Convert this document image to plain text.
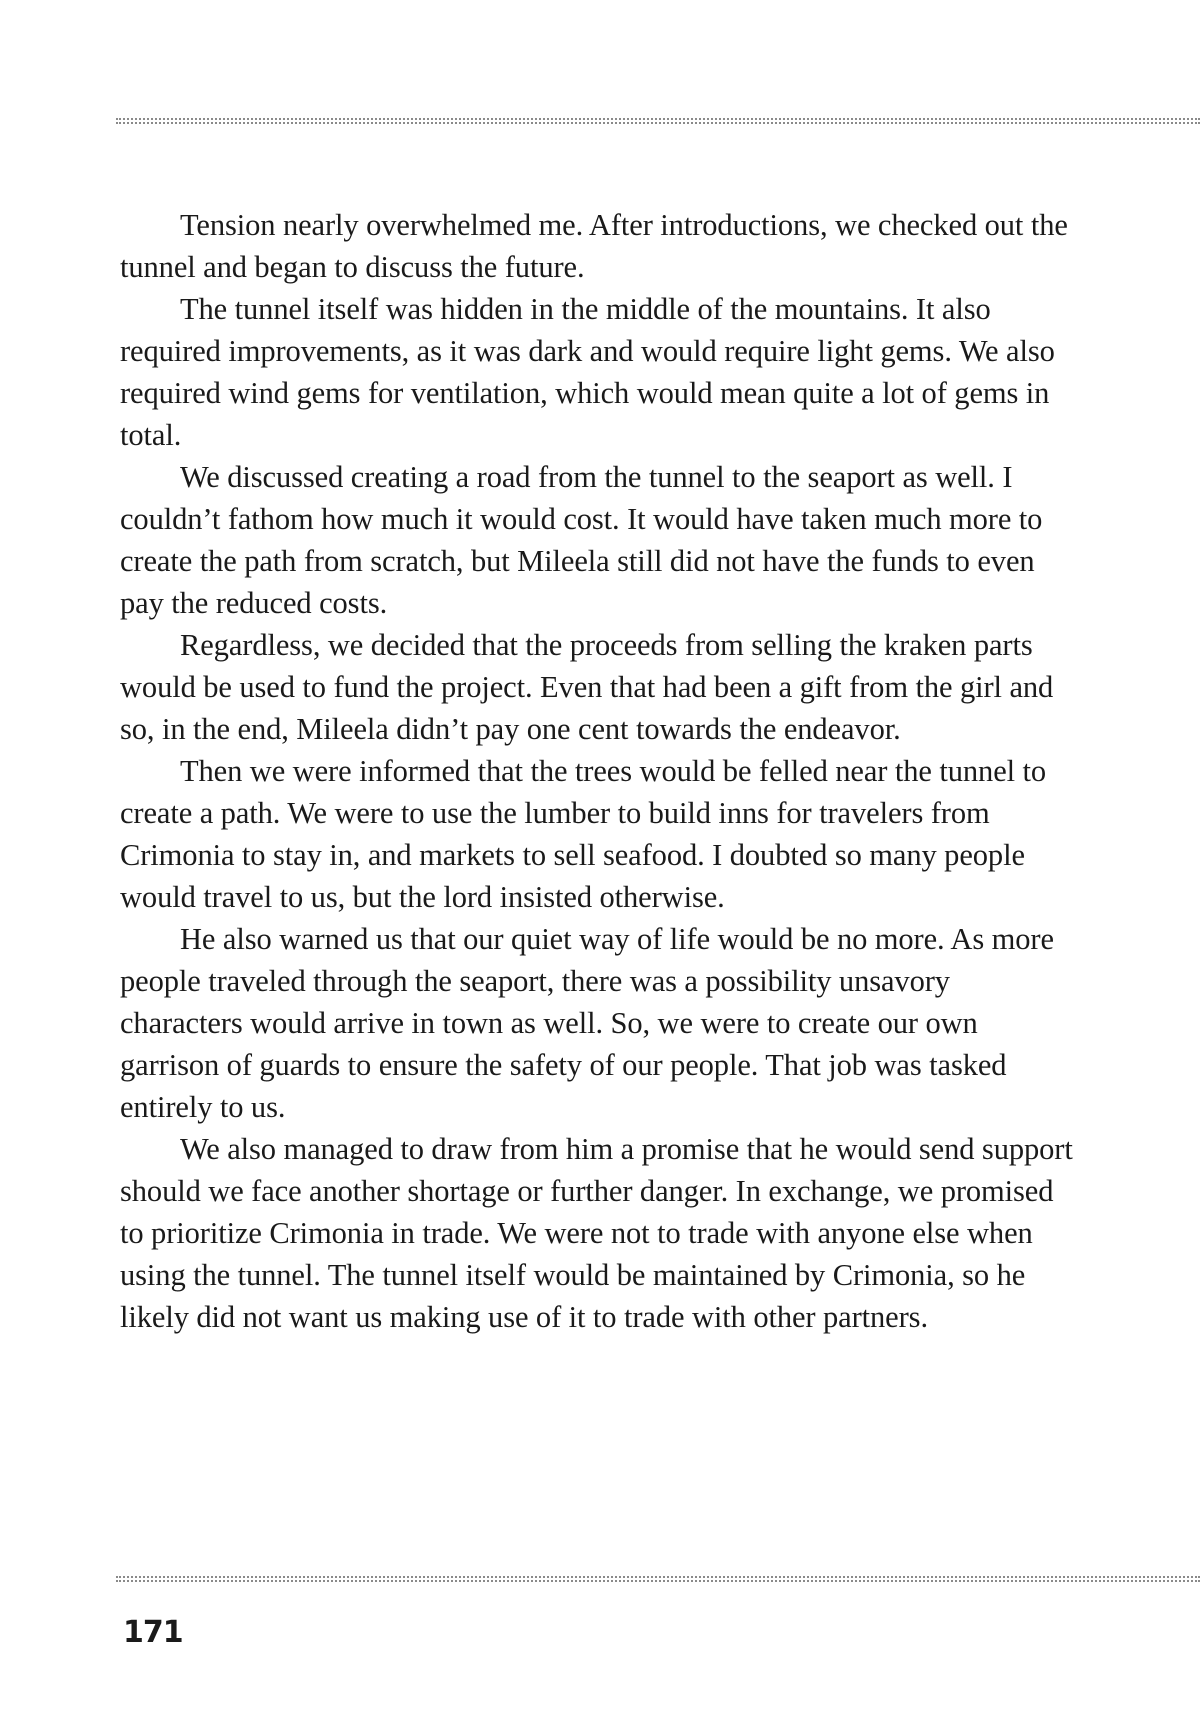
Tension nearly overwhelmed me. After introductions, we checked out the tunnel and began to discuss the future.

The tunnel itself was hidden in the middle of the mountains. It also required improvements, as it was dark and would require light gems. We also required wind gems for ventilation, which would mean quite a lot of gems in total.

We discussed creating a road from the tunnel to the seaport as well. I couldn’t fathom how much it would cost. It would have taken much more to create the path from scratch, but Mileela still did not have the funds to even pay the reduced costs.

Regardless, we decided that the proceeds from selling the kraken parts would be used to fund the project. Even that had been a gift from the girl and so, in the end, Mileela didn’t pay one cent towards the endeavor.

Then we were informed that the trees would be felled near the tunnel to create a path. We were to use the lumber to build inns for travelers from Crimonia to stay in, and markets to sell seafood. I doubted so many people would travel to us, but the lord insisted otherwise.

He also warned us that our quiet way of life would be no more. As more people traveled through the seaport, there was a possibility unsavory characters would arrive in town as well. So, we were to create our own garrison of guards to ensure the safety of our people. That job was tasked entirely to us.

We also managed to draw from him a promise that he would send support should we face another shortage or further danger. In exchange, we promised to prioritize Crimonia in trade. We were not to trade with anyone else when using the tunnel. The tunnel itself would be maintained by Crimonia, so he likely did not want us making use of it to trade with other partners.

171
